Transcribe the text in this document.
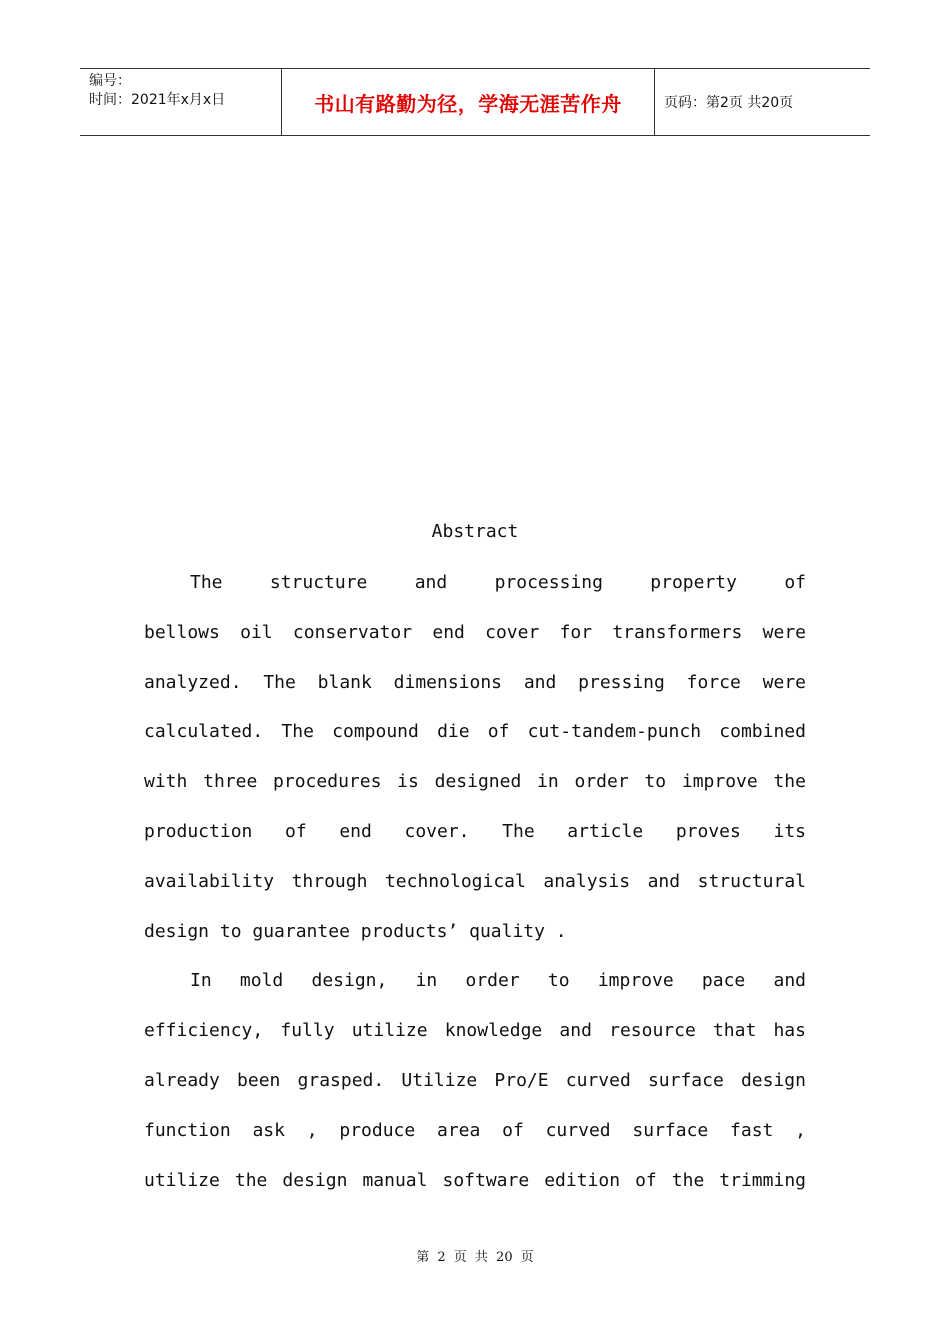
编号：
时间：2021年x月x日	书山有路勤为径，学海无涯苦作舟	页码：第2页 共20页
Abstract

The structure and processing property of
bellows oil conservator end cover for transformers were
analyzed. The blank dimensions and pressing force were
calculated. The compound die of cut-tandem-punch combined
with three procedures is designed in order to improve the
production of end cover. The article proves its
availability through technological analysis and structural
design to guarantee products’ quality .

In mold design, in order to improve pace and
efficiency, fully utilize knowledge and resource that has
already been grasped. Utilize Pro/E curved surface design
function ask , produce area of curved surface fast ,
utilize the design manual software edition of the trimming

第 2 页 共 20 页
